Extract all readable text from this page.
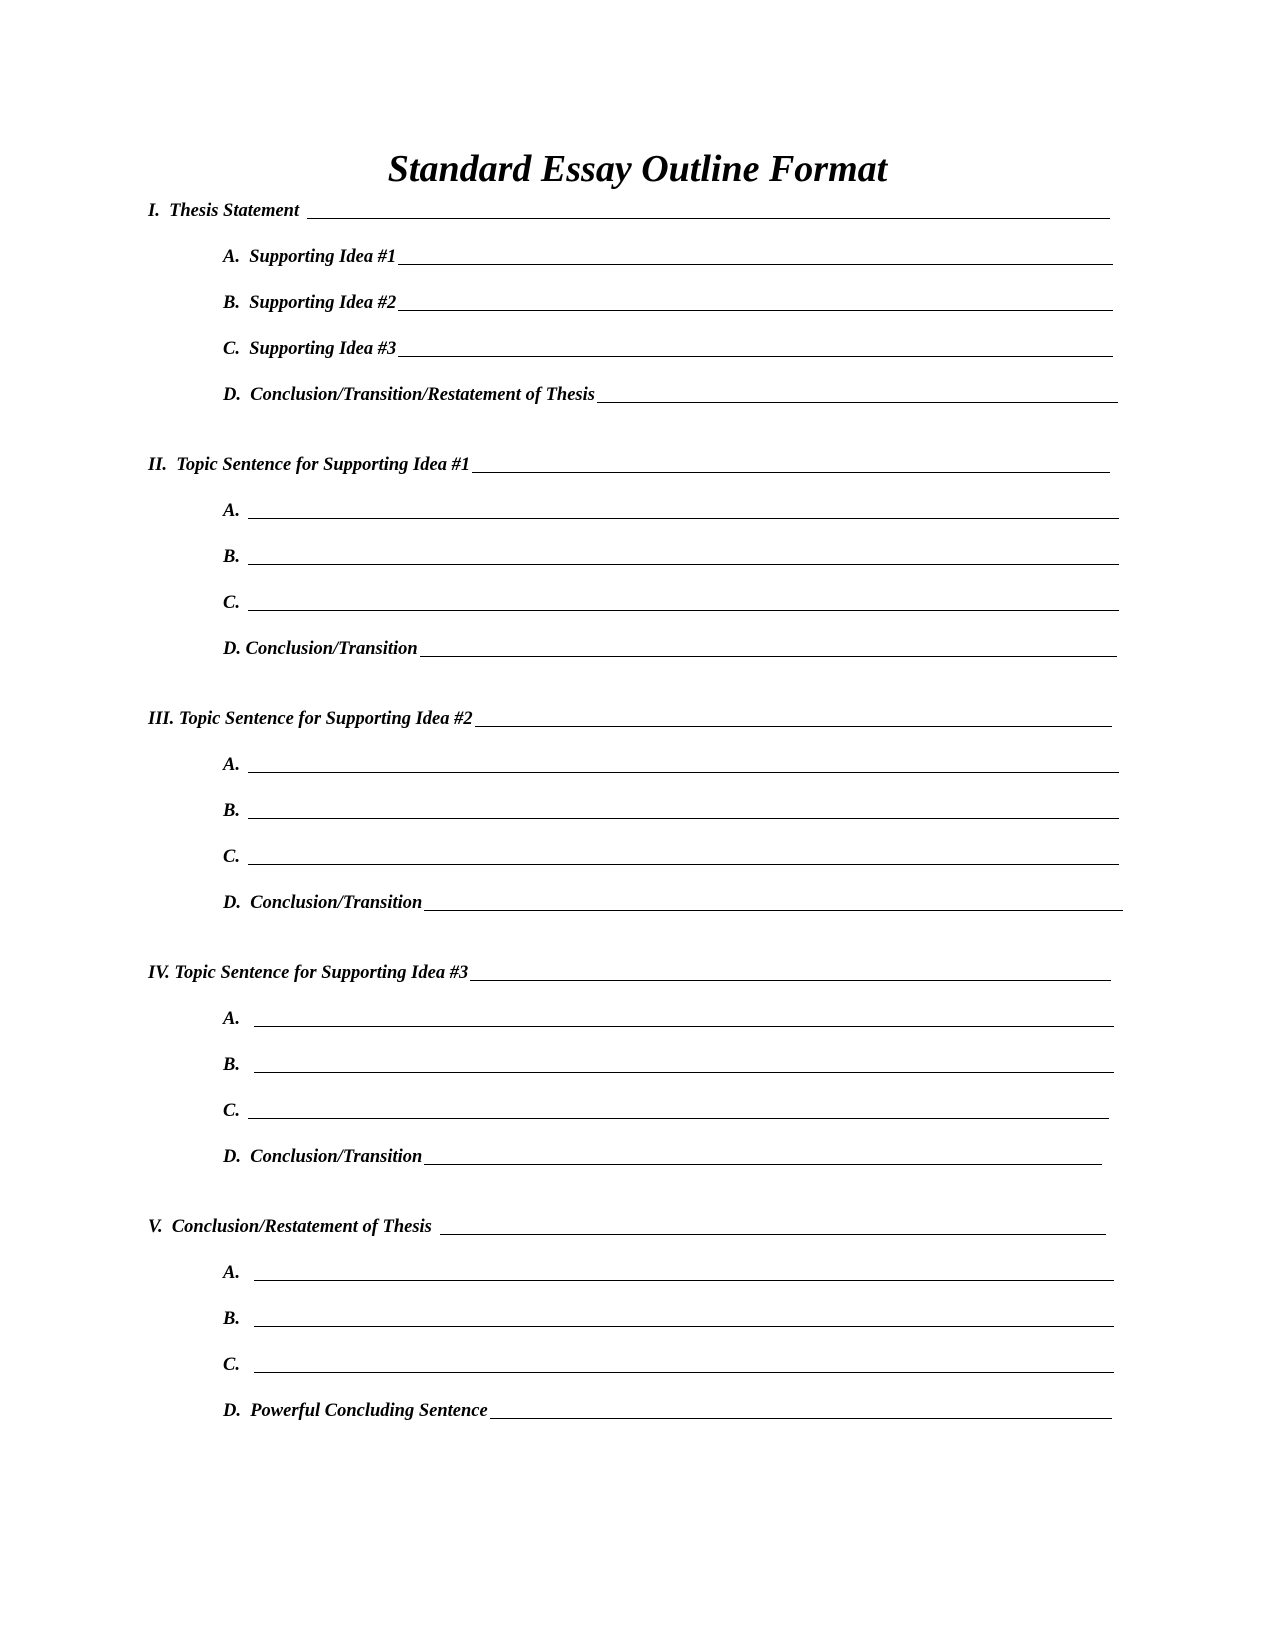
Standard Essay Outline Format
I.  Thesis Statement
A.  Supporting Idea #1
B.  Supporting Idea #2
C.  Supporting Idea #3
D.  Conclusion/Transition/Restatement of Thesis
II.  Topic Sentence for Supporting Idea #1
A.
B.
C.
D. Conclusion/Transition
III. Topic Sentence for Supporting Idea #2
A.
B.
C.
D.  Conclusion/Transition
IV. Topic Sentence for Supporting Idea #3
A.
B.
C.
D.  Conclusion/Transition
V.  Conclusion/Restatement of Thesis
A.
B.
C.
D.  Powerful Concluding Sentence
